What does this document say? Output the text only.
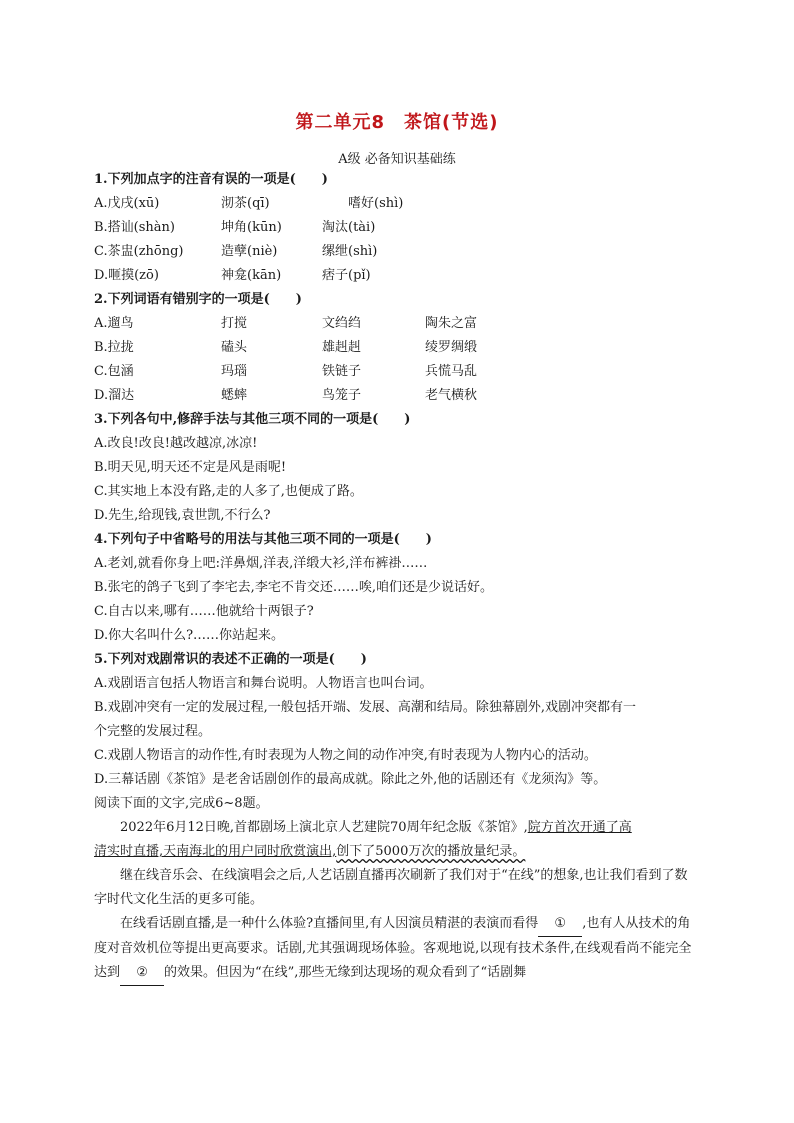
第二单元8　茶馆(节选)
A级 必备知识基础练
1.下列加点字的注音有误的一项是(　　)
A.戊戌(xū)	沏茶(qī)	嗜好(shì)
B.搭讪(shàn)	坤角(kūn)	淘汰(tài)
C.茶盅(zhōng)	造孽(niè)	缧绁(shì)
D.咂摸(zō)	神龛(kān)	痞子(pǐ)
2.下列词语有错别字的一项是(　　)
A.遛鸟	打搅	文绉绉	陶朱之富
B.拉拢	磕头	雄赳赳	绫罗绸缎
C.包涵	玛瑙	铁链子	兵慌马乱
D.溜达	蟋蟀	鸟笼子	老气横秋
3.下列各句中,修辞手法与其他三项不同的一项是(　　)
A.改良!改良!越改越凉,冰凉!
B.明天见,明天还不定是风是雨呢!
C.其实地上本没有路,走的人多了,也便成了路。
D.先生,给现钱,袁世凯,不行么?
4.下列句子中省略号的用法与其他三项不同的一项是(　　)
A.老刘,就看你身上吧:洋鼻烟,洋表,洋缎大衫,洋布裤褂……
B.张宅的鸽子飞到了李宅去,李宅不肯交还……唉,咱们还是少说话好。
C.自古以来,哪有……他就给十两银子?
D.你大名叫什么?……你站起来。
5.下列对戏剧常识的表述不正确的一项是(　　)
A.戏剧语言包括人物语言和舞台说明。人物语言也叫台词。
B.戏剧冲突有一定的发展过程,一般包括开端、发展、高潮和结局。除独幕剧外,戏剧冲突都有一
个完整的发展过程。
C.戏剧人物语言的动作性,有时表现为人物之间的动作冲突,有时表现为人物内心的活动。
D.三幕话剧《茶馆》是老舍话剧创作的最高成就。除此之外,他的话剧还有《龙须沟》等。
阅读下面的文字,完成6~8题。
2022年6月12日晚,首都剧场上演北京人艺建院70周年纪念版《茶馆》,院方首次开通了高
清实时直播,天南海北的用户同时欣赏演出,创下了5000万次的播放量纪录。
继在线音乐会、在线演唱会之后,人艺话剧直播再次刷新了我们对于“在线”的想象,也让我们看到了数字时代文化生活的更多可能。
在线看话剧直播,是一种什么体验?直播间里,有人因演员精湛的表演而看得 ① ,也有人从技术的角度对音效机位等提出更高要求。话剧,尤其强调现场体验。客观地说,以现有技术条件,在线观看尚不能完全达到 ② 的效果。但因为“在线”,那些无缘到达现场的观众看到了“话剧舞
